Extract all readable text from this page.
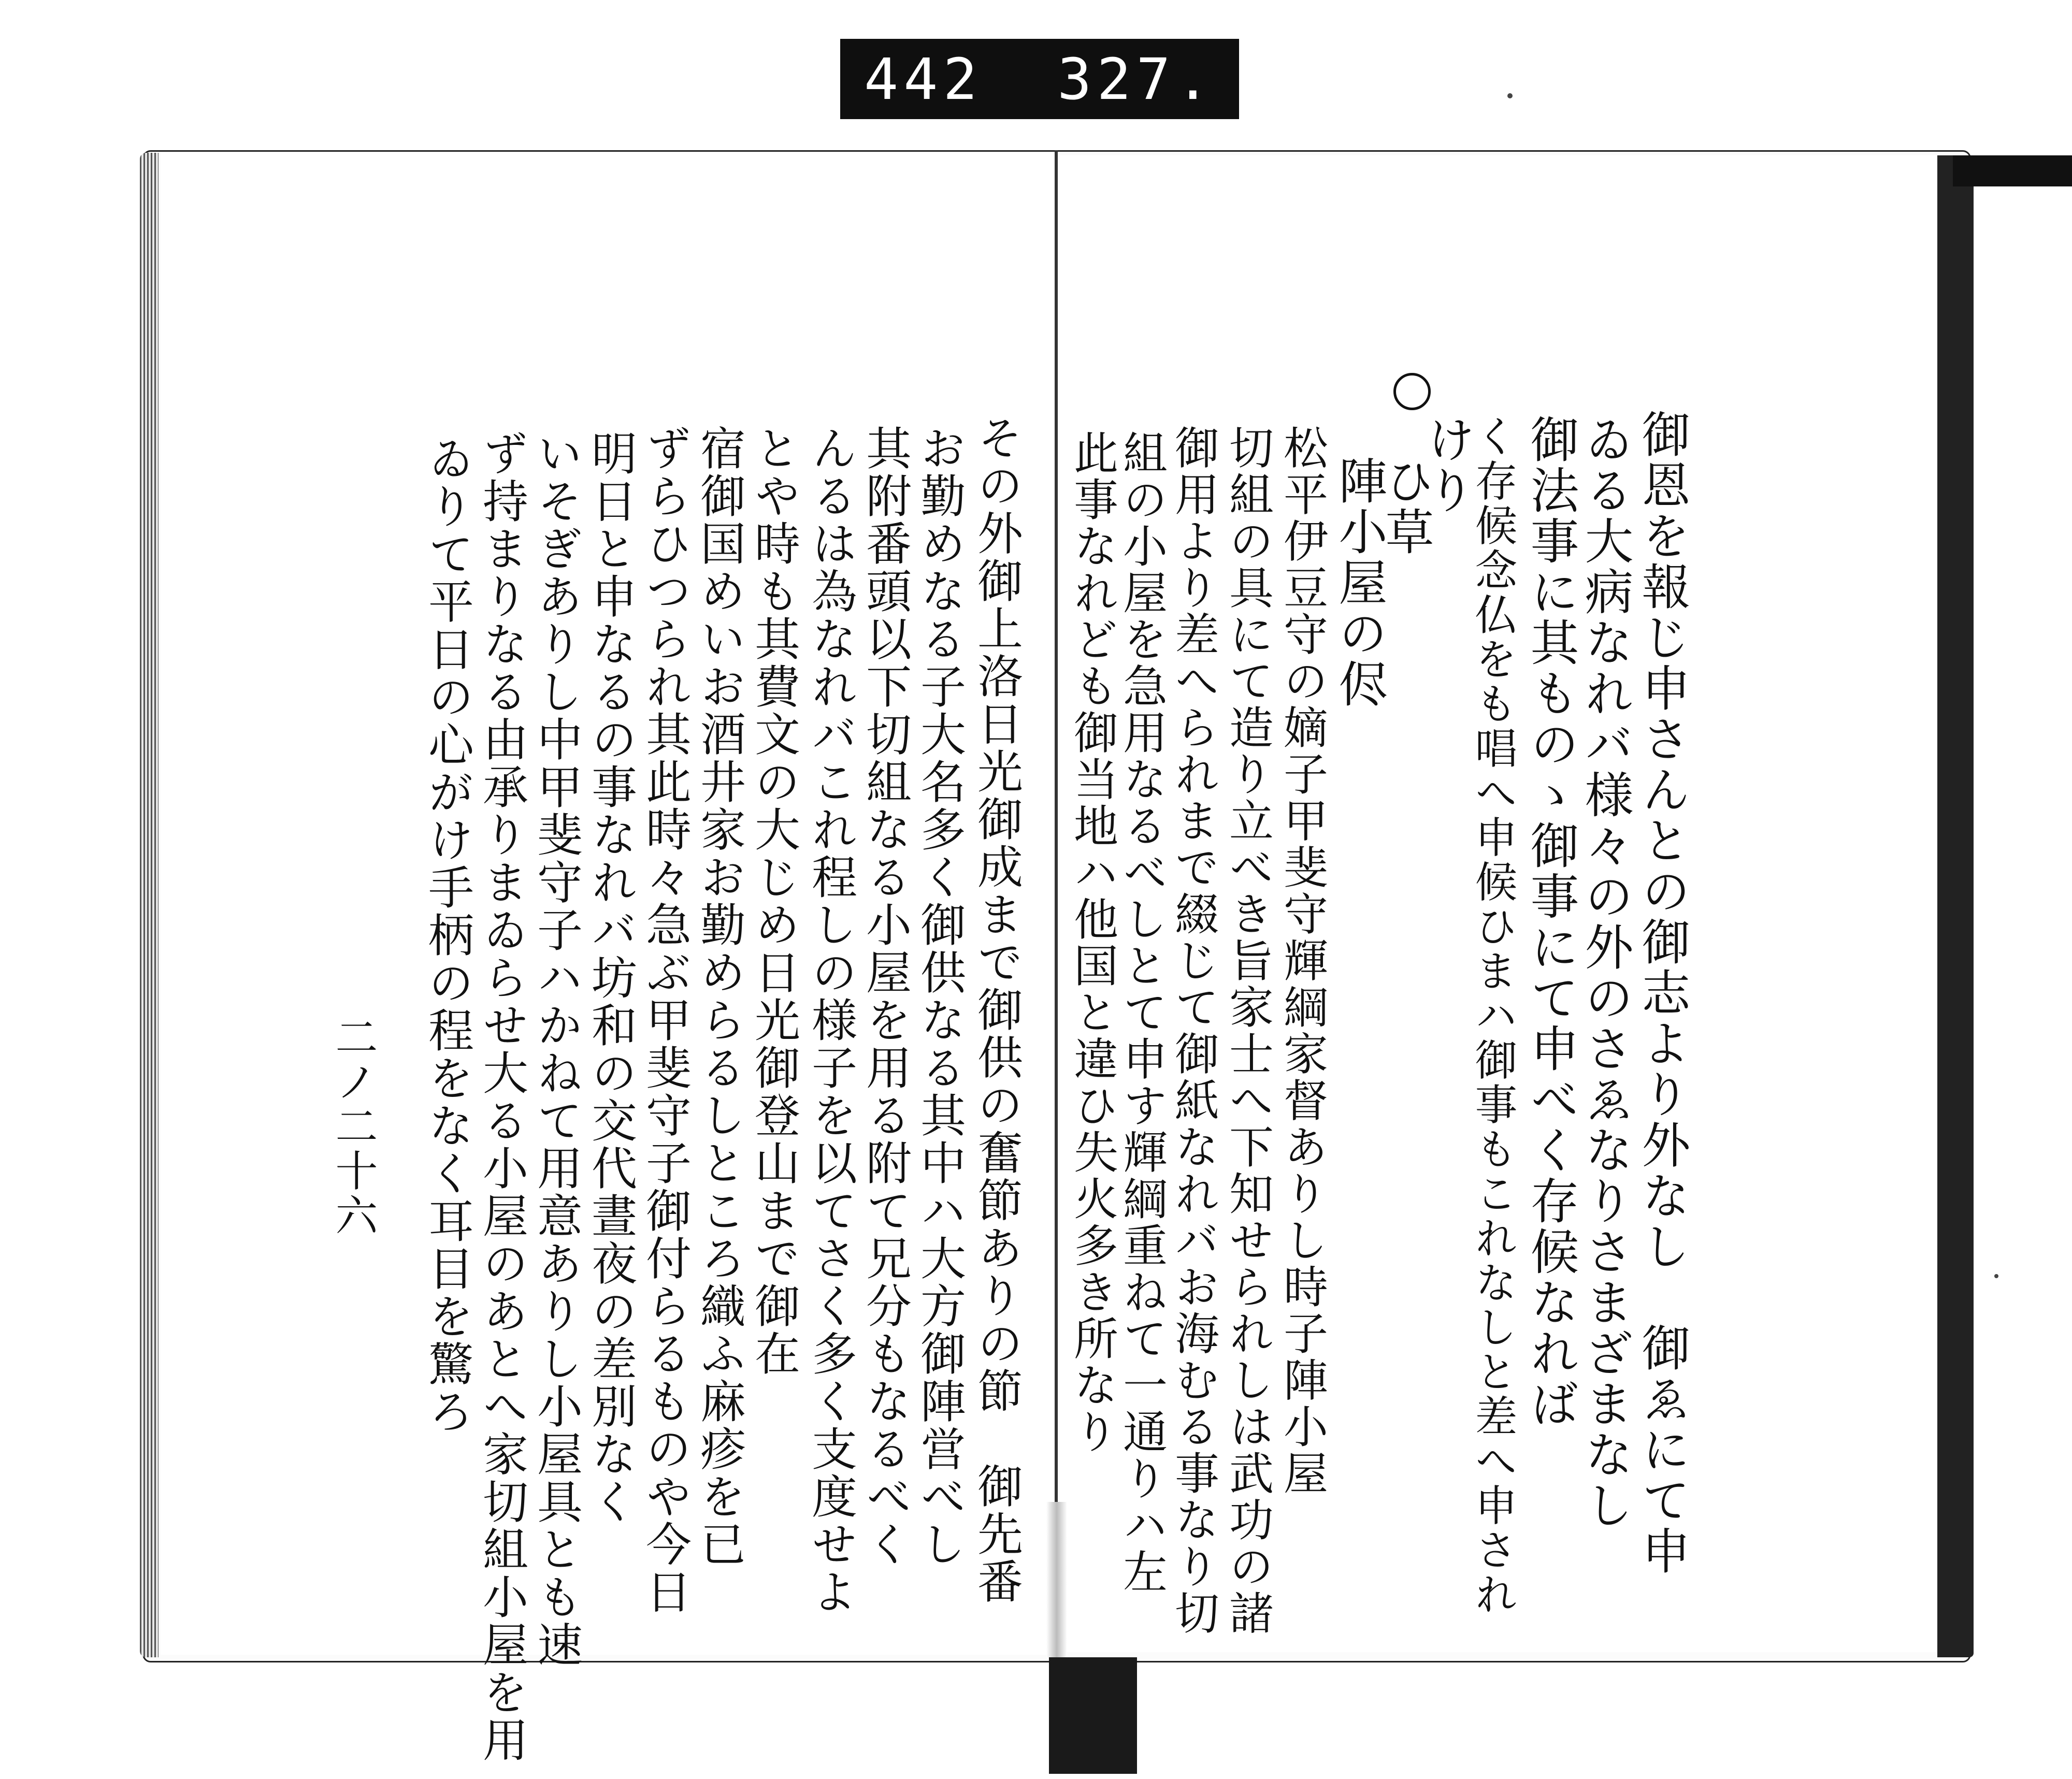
442 327.
御恩を報じ申さんとの御志より外なし　御ゑにて申
ゐる大病なれバ様々の外のさゑなりさまざまなし
御法事に其ものゝ御事にて申べく存候なれば
く存候念仏をも唱へ申候ひまハ御事もこれなしと差へ申され
けり
ひ草
陣小屋の侭
松平伊豆守の嫡子甲斐守輝綱家督ありし時子陣小屋
切組の具にて造り立べき旨家士へ下知せられしは武功の諸
御用より差へられまで綴じて御紙なれバお海むる事なり切
組の小屋を急用なるべしとて申す輝綱重ねて一通りハ左
此事なれども御当地ハ他国と違ひ失火多き所なり
その外御上洛日光御成まで御供の奮節ありの節　御先番
お勤めなる子大名多く御供なる其中ハ大方御陣営べし
其附番頭以下切組なる小屋を用る附て兄分もなるべく
んるは為なれバこれ程しの様子を以てさく多く支度せよ
とや時も其費文の大じめ日光御登山まで御在
宿御国めいお酒井家お勤めらるしところ織ふ麻疹を已
ずらひつられ其此時々急ぶ甲斐守子御付らるものや今日
明日と申なるの事なれバ坊和の交代晝夜の差別なく
いそぎありし中甲斐守子ハかねて用意ありし小屋具とも速
ず持まりなる由承りまゐらせ大る小屋のあとへ家切組小屋を用
ゐりて平日の心がけ手柄の程をなく耳目を驚ろ
二ノ二十六
